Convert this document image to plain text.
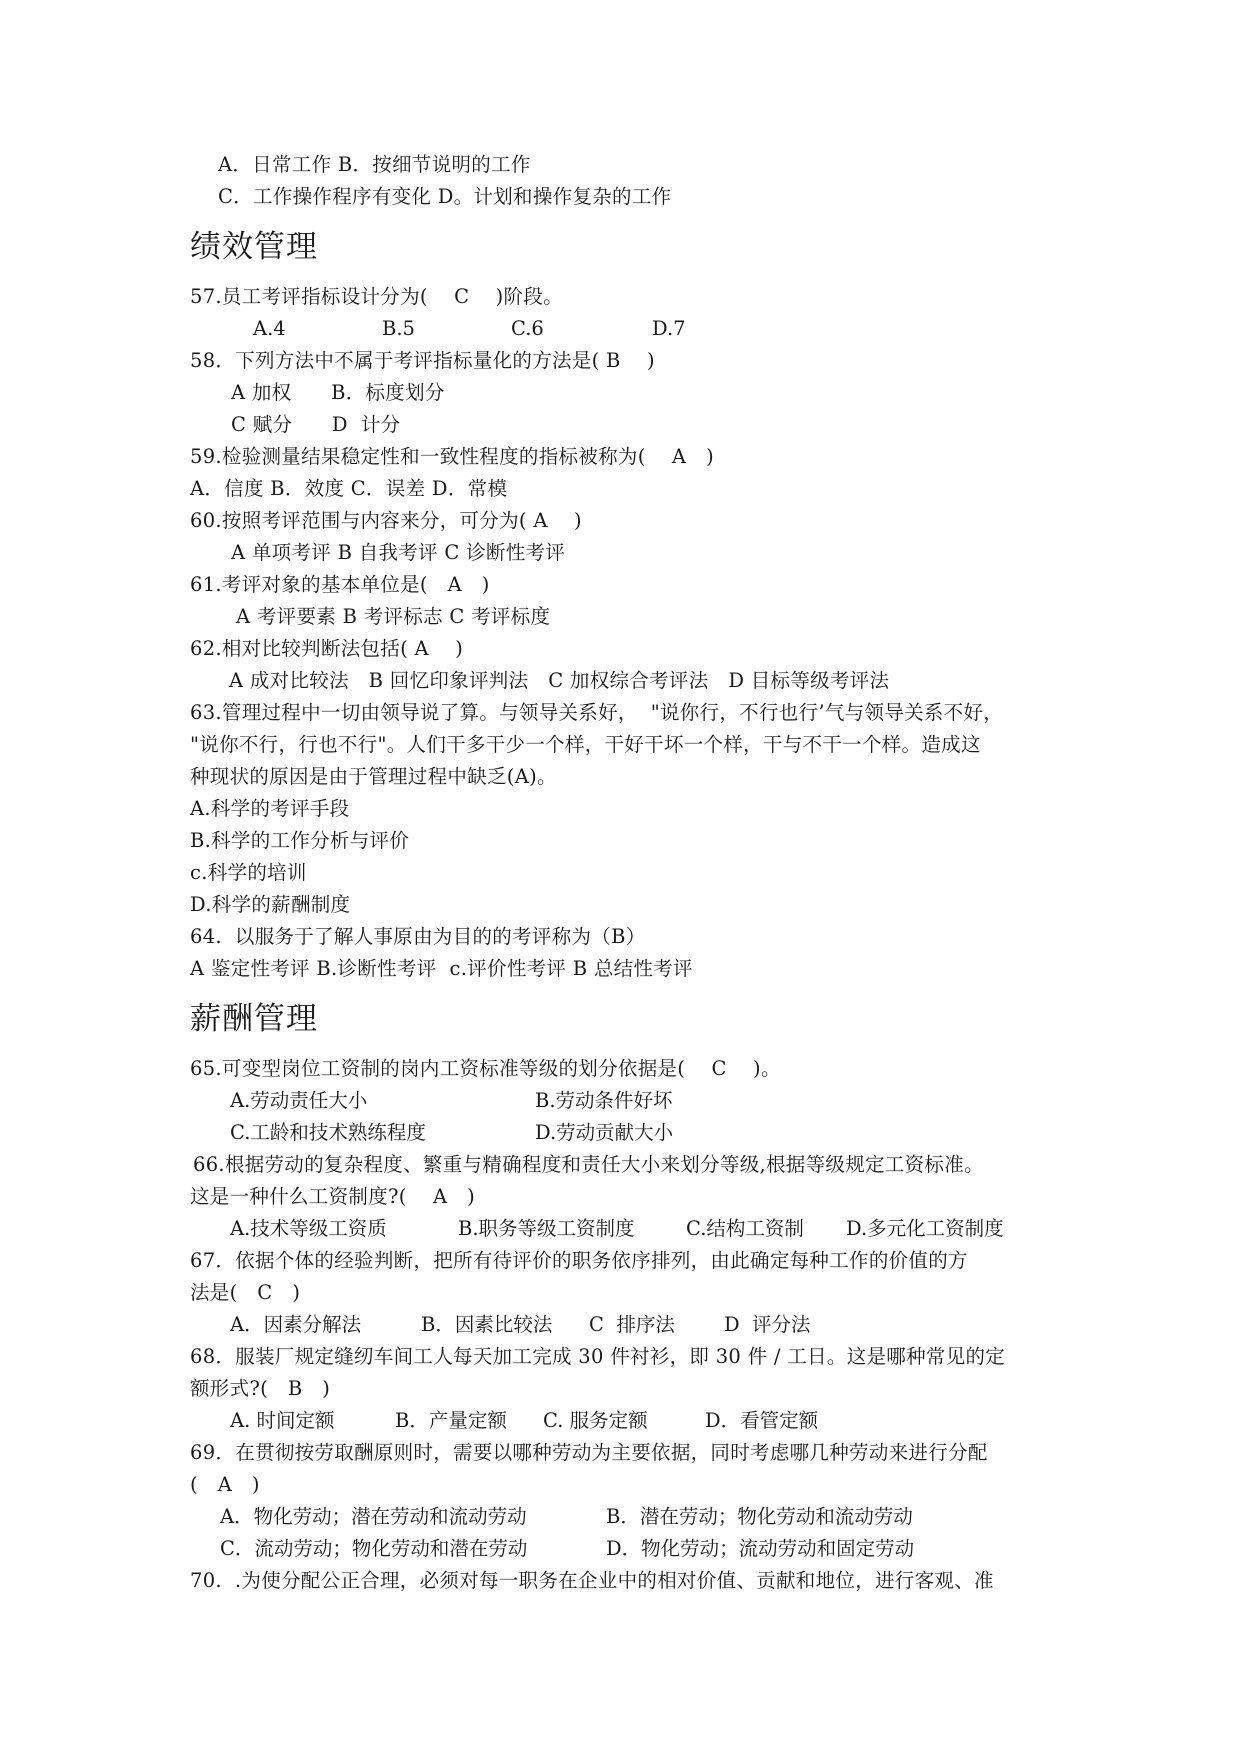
A．日常工作 B．按细节说明的工作
C．工作操作程序有变化 D。计划和操作复杂的工作
绩效管理
57.员工考评指标设计分为(　 C　 )阶段。
A.4	B.5	C.6	D.7
58．下列方法中不属于考评指标量化的方法是( B　 )
A 加权　　B．标度划分
C 赋分　　D  计分
59.检验测量结果稳定性和一致性程度的指标被称为(　 A　)
A．信度 B．效度 C．误差 D．常模
60.按照考评范围与内容来分，可分为( A　 )
A 单项考评 B 自我考评 C 诊断性考评
61.考评对象的基本单位是(　A　)
A 考评要素 B 考评标志 C 考评标度
62.相对比较判断法包括( A　 )
A 成对比较法　B 回忆印象评判法　C 加权综合考评法　D 目标等级考评法
63.管理过程中一切由领导说了算。与领导关系好，  "说你行，不行也行’气与领导关系不好，
"说你不行，行也不行"。人们干多干少一个样，干好干坏一个样，干与不干一个样。造成这
种现状的原因是由于管理过程中缺乏(A)。
A.科学的考评手段
B.科学的工作分析与评价
c.科学的培训
D.科学的薪酬制度
64.  以服务于了解人事原由为目的的考评称为（B）
A 鉴定性考评 B.诊断性考评  c.评价性考评 B 总结性考评
薪酬管理
65.可变型岗位工资制的岗内工资标准等级的划分依据是(　 C　 )。
A.劳动责任大小	B.劳动条件好坏
C.工龄和技术熟练程度	D.劳动贡献大小
66.根据劳动的复杂程度、繁重与精确程度和责任大小来划分等级,根据等级规定工资标准。
这是一种什么工资制度?(　 A　)
A.技术等级工资质	B.职务等级工资制度	C.结构工资制 D.多元化工资制度
67．依据个体的经验判断，把所有待评价的职务依序排列，由此确定每种工作的价值的方
法是(　C　)
A．因素分解法	B．因素比较法 C  排序法	D  评分法
68．服装厂规定缝纫车间工人每天加工完成 30 件衬衫，即 30 件 / 工日。这是哪种常见的定
额形式?(　B　)
A. 时间定额	B．产量定额 C. 服务定额	D．看管定额
69．在贯彻按劳取酬原则时，需要以哪种劳动为主要依据，同时考虑哪几种劳动来进行分配
(　A　)
A．物化劳动；潜在劳动和流动劳动	B．潜在劳动；物化劳动和流动劳动
C．流动劳动；物化劳动和潜在劳动	D．物化劳动；流动劳动和固定劳动
70.  .为使分配公正合理，必须对每一职务在企业中的相对价值、贡献和地位，进行客观、准
